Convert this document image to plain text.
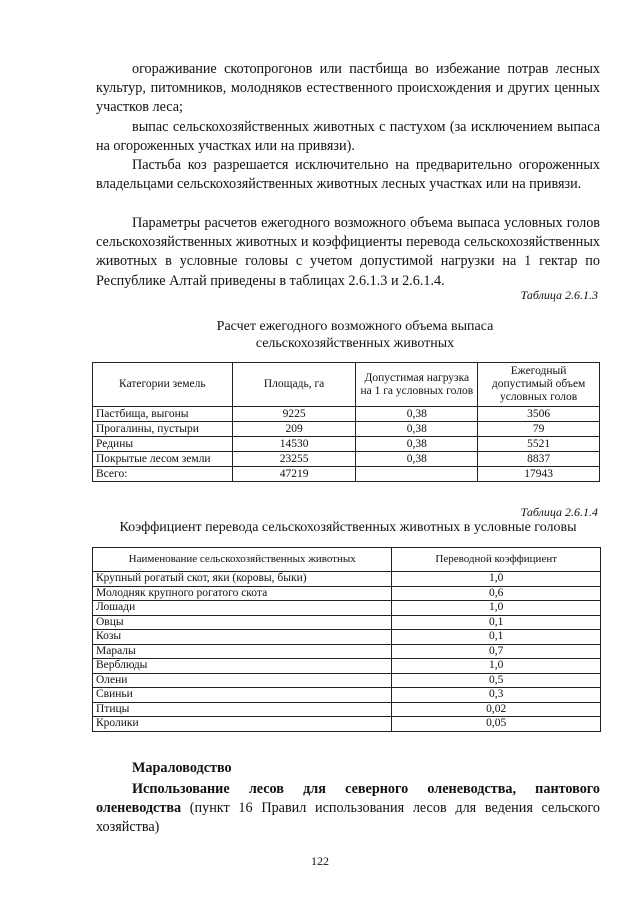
огораживание скотопрогонов или пастбища во избежание потрав лесных культур, питомников, молодняков естественного происхождения и других ценных участков леса;

выпас сельскохозяйственных животных с пастухом (за исключением выпаса на огороженных участках или на привязи).

Пастьба коз разрешается исключительно на предварительно огороженных владельцами сельскохозяйственных животных лесных участках или на привязи.

Параметры расчетов ежегодного возможного объема выпаса условных голов сельскохозяйственных животных и коэффициенты перевода сельскохозяйственных животных в условные головы с учетом допустимой нагрузки на 1 гектар по Республике Алтай приведены в таблицах 2.6.1.3 и 2.6.1.4.

Таблица 2.6.1.3
Расчет ежегодного возможного объема выпаса сельскохозяйственных животных
Категории земель	Площадь, га	Допустимая нагрузка на 1 га условных голов	Ежегодный допустимый объем условных голов
Пастбища, выгоны	9225	0,38	3506
Прогалины, пустыри	209	0,38	79
Редины	14530	0,38	5521
Покрытые лесом земли	23255	0,38	8837
Всего:	47219		17943
Таблица 2.6.1.4
Коэффициент перевода сельскохозяйственных животных в условные головы
Наименование сельскохозяйственных животных	Переводной коэффициент
Крупный рогатый скот, яки (коровы, быки)	1,0
Молодняк крупного рогатого скота	0,6
Лошади	1,0
Овцы	0,1
Козы	0,1
Маралы	0,7
Верблюды	1,0
Олени	0,5
Свиньи	0,3
Птицы	0,02
Кролики	0,05
Мараловодство

Использование лесов для северного оленеводства, пантового оленеводства (пункт 16 Правил использования лесов для ведения сельского хозяйства)

122
